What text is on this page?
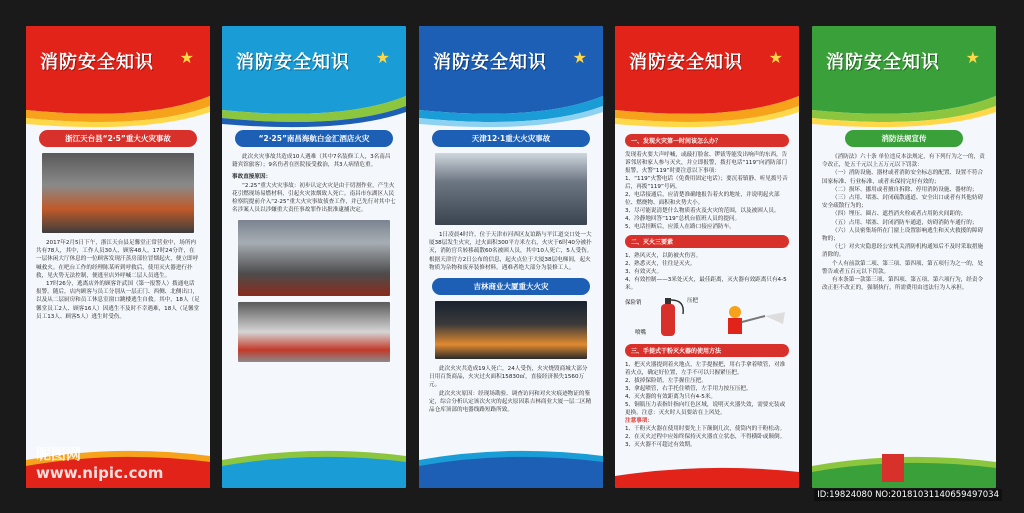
消防安全知识 ★
浙江天台县“2·5”重大火灾事故

2017年2月5日下午，浙江天台县足馨堂正常营业中，场所内共有78人，其中，工作人员30人、顾客48人。17时24分许，在一层休闲大厅休息的一位顾客发现汗蒸房部位冒烟起火，便立即呼喊救火。在吧台工作的经理陈某听到呼救后，使用灭火器进行扑救，见火势无法控制，便逃至店外呼喊二层人员逃生。

17时26分，逃离店外的顾客许武国（第一报警人）拨通电话报警。随后，店内顾客与员工分别从一层正门、西侧、北侧出口，以及从二层厨房和员工休息室窗口跳楼逃生自救。其中，18人（足馨堂员工2人、顾客16人）因逃生不及时不幸遇难，18人（足馨堂员工13人、顾客5人）逃生时受伤。

昵图网 www.nipic.com
消防安全知识 ★
“2·25”南昌海航白金汇酒店火灾

此次火灾事故共造成10人遇难（其中7名装修工人，3名南昌籍宾馆旅客）；9名伤者在医院接受救治，其3人病情危重。

事故直接原因：

“2.25”重大火灾事故：初步认定火灾是由于切割作业，产生火花引燃现场易燃材料，引起火灾浓烟致人死亡。南昌市东湖区人民检察院提前介入“2·25”重大火灾事故侦查工作，并已先行对其中七名涉案人员以涉嫌重大责任事故罪作出批准逮捕决定。

消防安全知识 ★
天津12·1重大火灾事故

1日凌晨4时许，位于天津市河西区友谊路与平江道交口处一大厦38层发生火灾，过火面积300平方米左右，火灾于6时40分被扑灭，消防官兵转移疏散60名被困人员，其中10人死亡，5人受伤。根据天津官方2日公布的信息，起火点位于大厦38层电梯间，起火物质为杂物和废弃装修材料。遇难者绝大部分为装修工人。

吉林商业大厦重大火灾

此次火灾共造成19人死亡，24人受伤，火灾烧毁商城大部分日用百货商品，火灾过火面积15830㎡，直接经济损失1560万元。

此次火灾原因：经现场勘验、调查访问和对火灾痕迹物证的鉴定，综合分析认定该次火灾的起火原因系吉林商业大厦一层二区精品仓库顶部的电器线路短路所致。

消防安全知识 ★
一、发现火灾第一时间该怎么办？

发现着火要大声呼喊，或敲打脸盆、锣钹等能发出响声的东西，告诉邻居和家人参与灭火，并立即报警，拨打电话“119”向消防部门报警，火警“119”时要注意以下事项：

1、“119”火警电话（免费用固定电话）；要沉着镇静、听见拨号音后，再拨“119”号码。

2、电话接通后，应清楚准确地报告着火的地址，并说明起火部位、燃烧物、面积和火势大小。

3、尽可能说清楚什么物质着火及火灾的范围，以及被困人员。

4、冷静地回答“119”总机台值班人员的提问。

5、电话挂断后，应派人在路口接应消防车。

二、灭火三要素

1、熟风灭火，以防被火伤害。

2、熟悉灭火，往往是灭火。

3、有效灭火。

4、有效控制——3米处灭火，最佳距离，灭火器有效距离只有4-5米。

保险销	压把
喷嘴
三、手提式干粉灭火器的使用方法

1、把灭火器提到着火地点，左手提握把，用右手拿着喷管，对准着火点，确定好位置，左手不可以只握紧压把。

2、拔掉保险销，左手握住压把。

3、拿起喷管，右手托住喷管，左手用力按压压把。

4、灭火器的有效距离为只有4-5米。

5、铜瓶压力表指针指向红色区域，说明灭火器失效，需要充装或更换。注意：灭火时人员要站在上风处。

注意事项：

1、干粉灭火器在使用时要先上下颠倒几次，使筒内的干粉松动。

2、在灭火过程中应始终保持灭火器直立状态，不得横卧或颠倒。

3、灭火器不可超过有效期。

消防安全知识 ★
消防法规宣传

《消防法》六十条 单位违反本法规定，有下列行为之一的，责令改正，处五千元以上五万元以下罚款：

（一）消防设施、器材或者消防安全标志的配置、设置不符合国家标准、行业标准，或者未保持完好有效的；

（二）损坏、挪用或者擅自拆除、停用消防设施、器材的；

（三）占用、堵塞、封闭疏散通道、安全出口或者有其他妨碍安全疏散行为的；

（四）埋压、圈占、遮挡消火栓或者占用防火间距的；

（五）占用、堵塞、封闭消防车通道，妨碍消防车通行的；

（六）人员密集场所在门窗上设置影响逃生和灭火救援的障碍物的；

（七）对火灾隐患经公安机关消防机构通知后不及时采取措施消除的。

个人有前款第二项、第三项、第四项、第五项行为之一的，处警告或者五百元以下罚款。

有本条第一款第三项、第四项、第五项、第六项行为，经责令改正拒不改正的，强制执行，所需费用由违法行为人承担。

ID:19824080 NO:20181031140659497034
